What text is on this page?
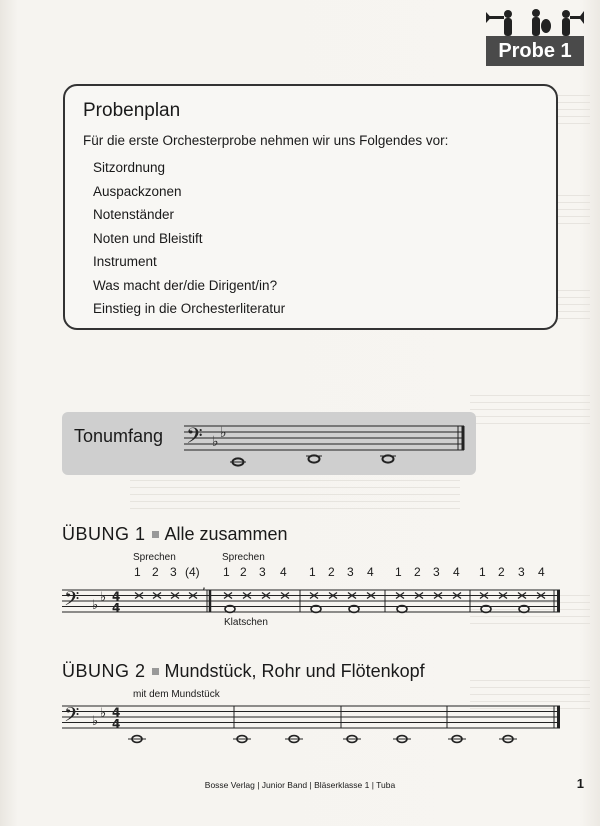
Probe 1
Probenplan
Für die erste Orchesterprobe nehmen wir uns Folgendes vor:
Sitzordnung
Auspackzonen
Notenständer
Noten und Bleistift
Instrument
Was macht der/die Dirigent/in?
Einstieg in die Orchesterliteratur
Tonumfang 𝄢 ♭
♭
ÜBUNG 1 Alle zusammen
Sprechen	Sprechen
1 2 3 (4) 1 2 3 4 1 2 3 4 1 2 3 4 1 2 3 4
𝄢 ♭
♭ 4
4
,
Klatschen
ÜBUNG 2 Mundstück, Rohr und Flötenkopf
mit dem Mundstück
𝄢 ♭
♭ 4
4
Bosse Verlag | Junior Band | Bläserklasse 1 | Tuba	1
